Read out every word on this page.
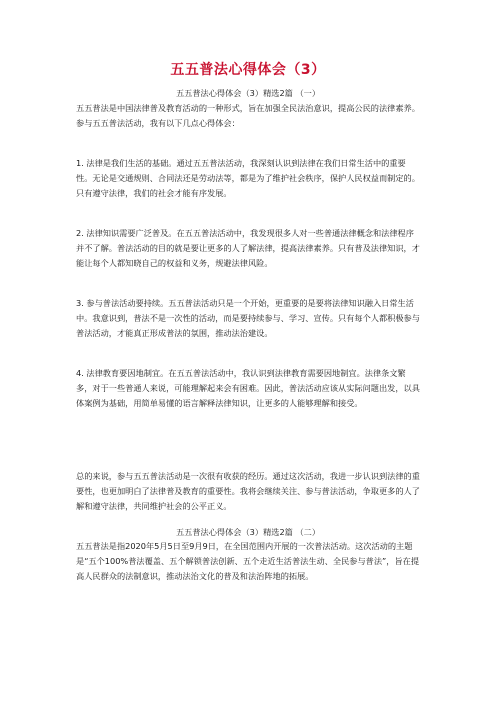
五五普法心得体会（3）
五五普法心得体会（3）精选2篇 （一）

五五普法是中国法律普及教育活动的一种形式，旨在加强全民法治意识，提高公民的法律素养。参与五五普法活动，我有以下几点心得体会：

1. 法律是我们生活的基础。通过五五普法活动，我深刻认识到法律在我们日常生活中的重要性。无论是交通规则、合同法还是劳动法等，都是为了维护社会秩序，保护人民权益而制定的。只有遵守法律，我们的社会才能有序发展。

2. 法律知识需要广泛普及。在五五普法活动中，我发现很多人对一些普通法律概念和法律程序并不了解。普法活动的目的就是要让更多的人了解法律，提高法律素养。只有普及法律知识，才能让每个人都知晓自己的权益和义务，规避法律风险。

3. 参与普法活动要持续。五五普法活动只是一个开始，更重要的是要将法律知识融入日常生活中。我意识到，普法不是一次性的活动，而是要持续参与、学习、宣传。只有每个人都积极参与普法活动，才能真正形成普法的氛围，推动法治建设。

4. 法律教育要因地制宜。在五五普法活动中，我认识到法律教育需要因地制宜。法律条文繁多，对于一些普通人来说，可能理解起来会有困难。因此，普法活动应该从实际问题出发，以具体案例为基础，用简单易懂的语言解释法律知识，让更多的人能够理解和接受。

总的来说，参与五五普法活动是一次很有收获的经历。通过这次活动，我进一步认识到法律的重要性，也更加明白了法律普及教育的重要性。我将会继续关注、参与普法活动，争取更多的人了解和遵守法律，共同维护社会的公平正义。

五五普法心得体会（3）精选2篇 （二）

五五普法是指2020年5月5日至9月9日，在全国范围内开展的一次普法活动。这次活动的主题是“五个100%普法覆盖、五个解锁普法创新、五个走近生活普法生动、全民参与普法”，旨在提高人民群众的法制意识，推动法治文化的普及和法治阵地的拓展。
